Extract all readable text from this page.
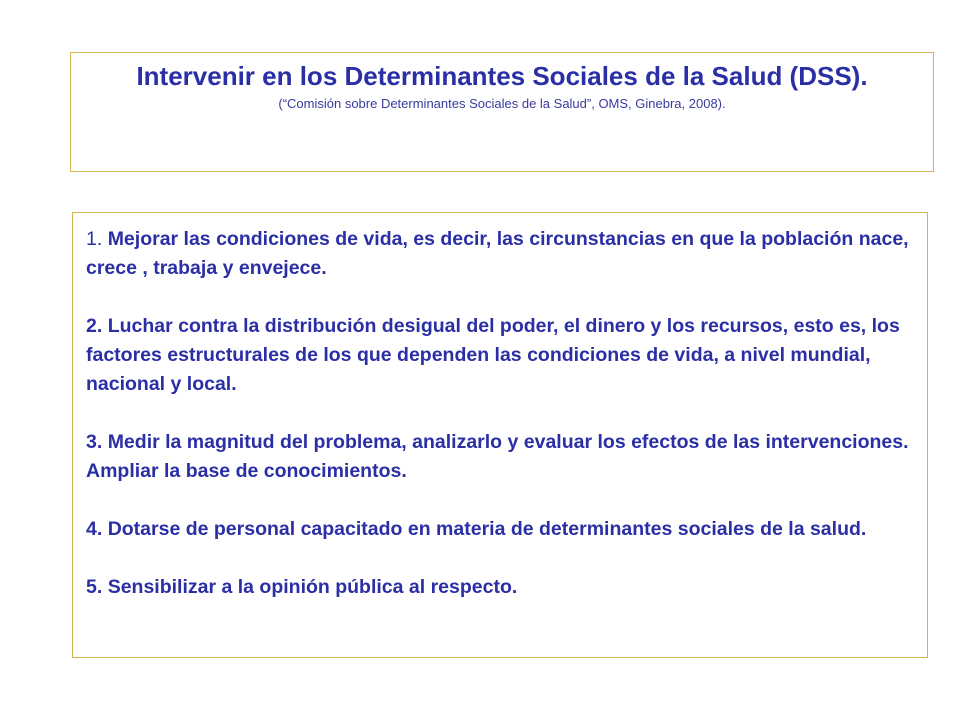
Intervenir en los Determinantes Sociales de la Salud (DSS).
(“Comisión sobre Determinantes Sociales de la Salud”, OMS, Ginebra, 2008).

1. Mejorar las condiciones de vida, es decir, las circunstancias en que la población nace, crece , trabaja y envejece.

2. Luchar contra la distribución desigual del poder, el dinero y los recursos, esto es, los factores estructurales de los que dependen las condiciones de vida, a nivel mundial, nacional y local.

3. Medir la magnitud del problema, analizarlo y evaluar los efectos de las intervenciones. Ampliar la base de conocimientos.

4. Dotarse de personal capacitado en materia de determinantes sociales de la salud.

5. Sensibilizar a la opinión pública al respecto.
